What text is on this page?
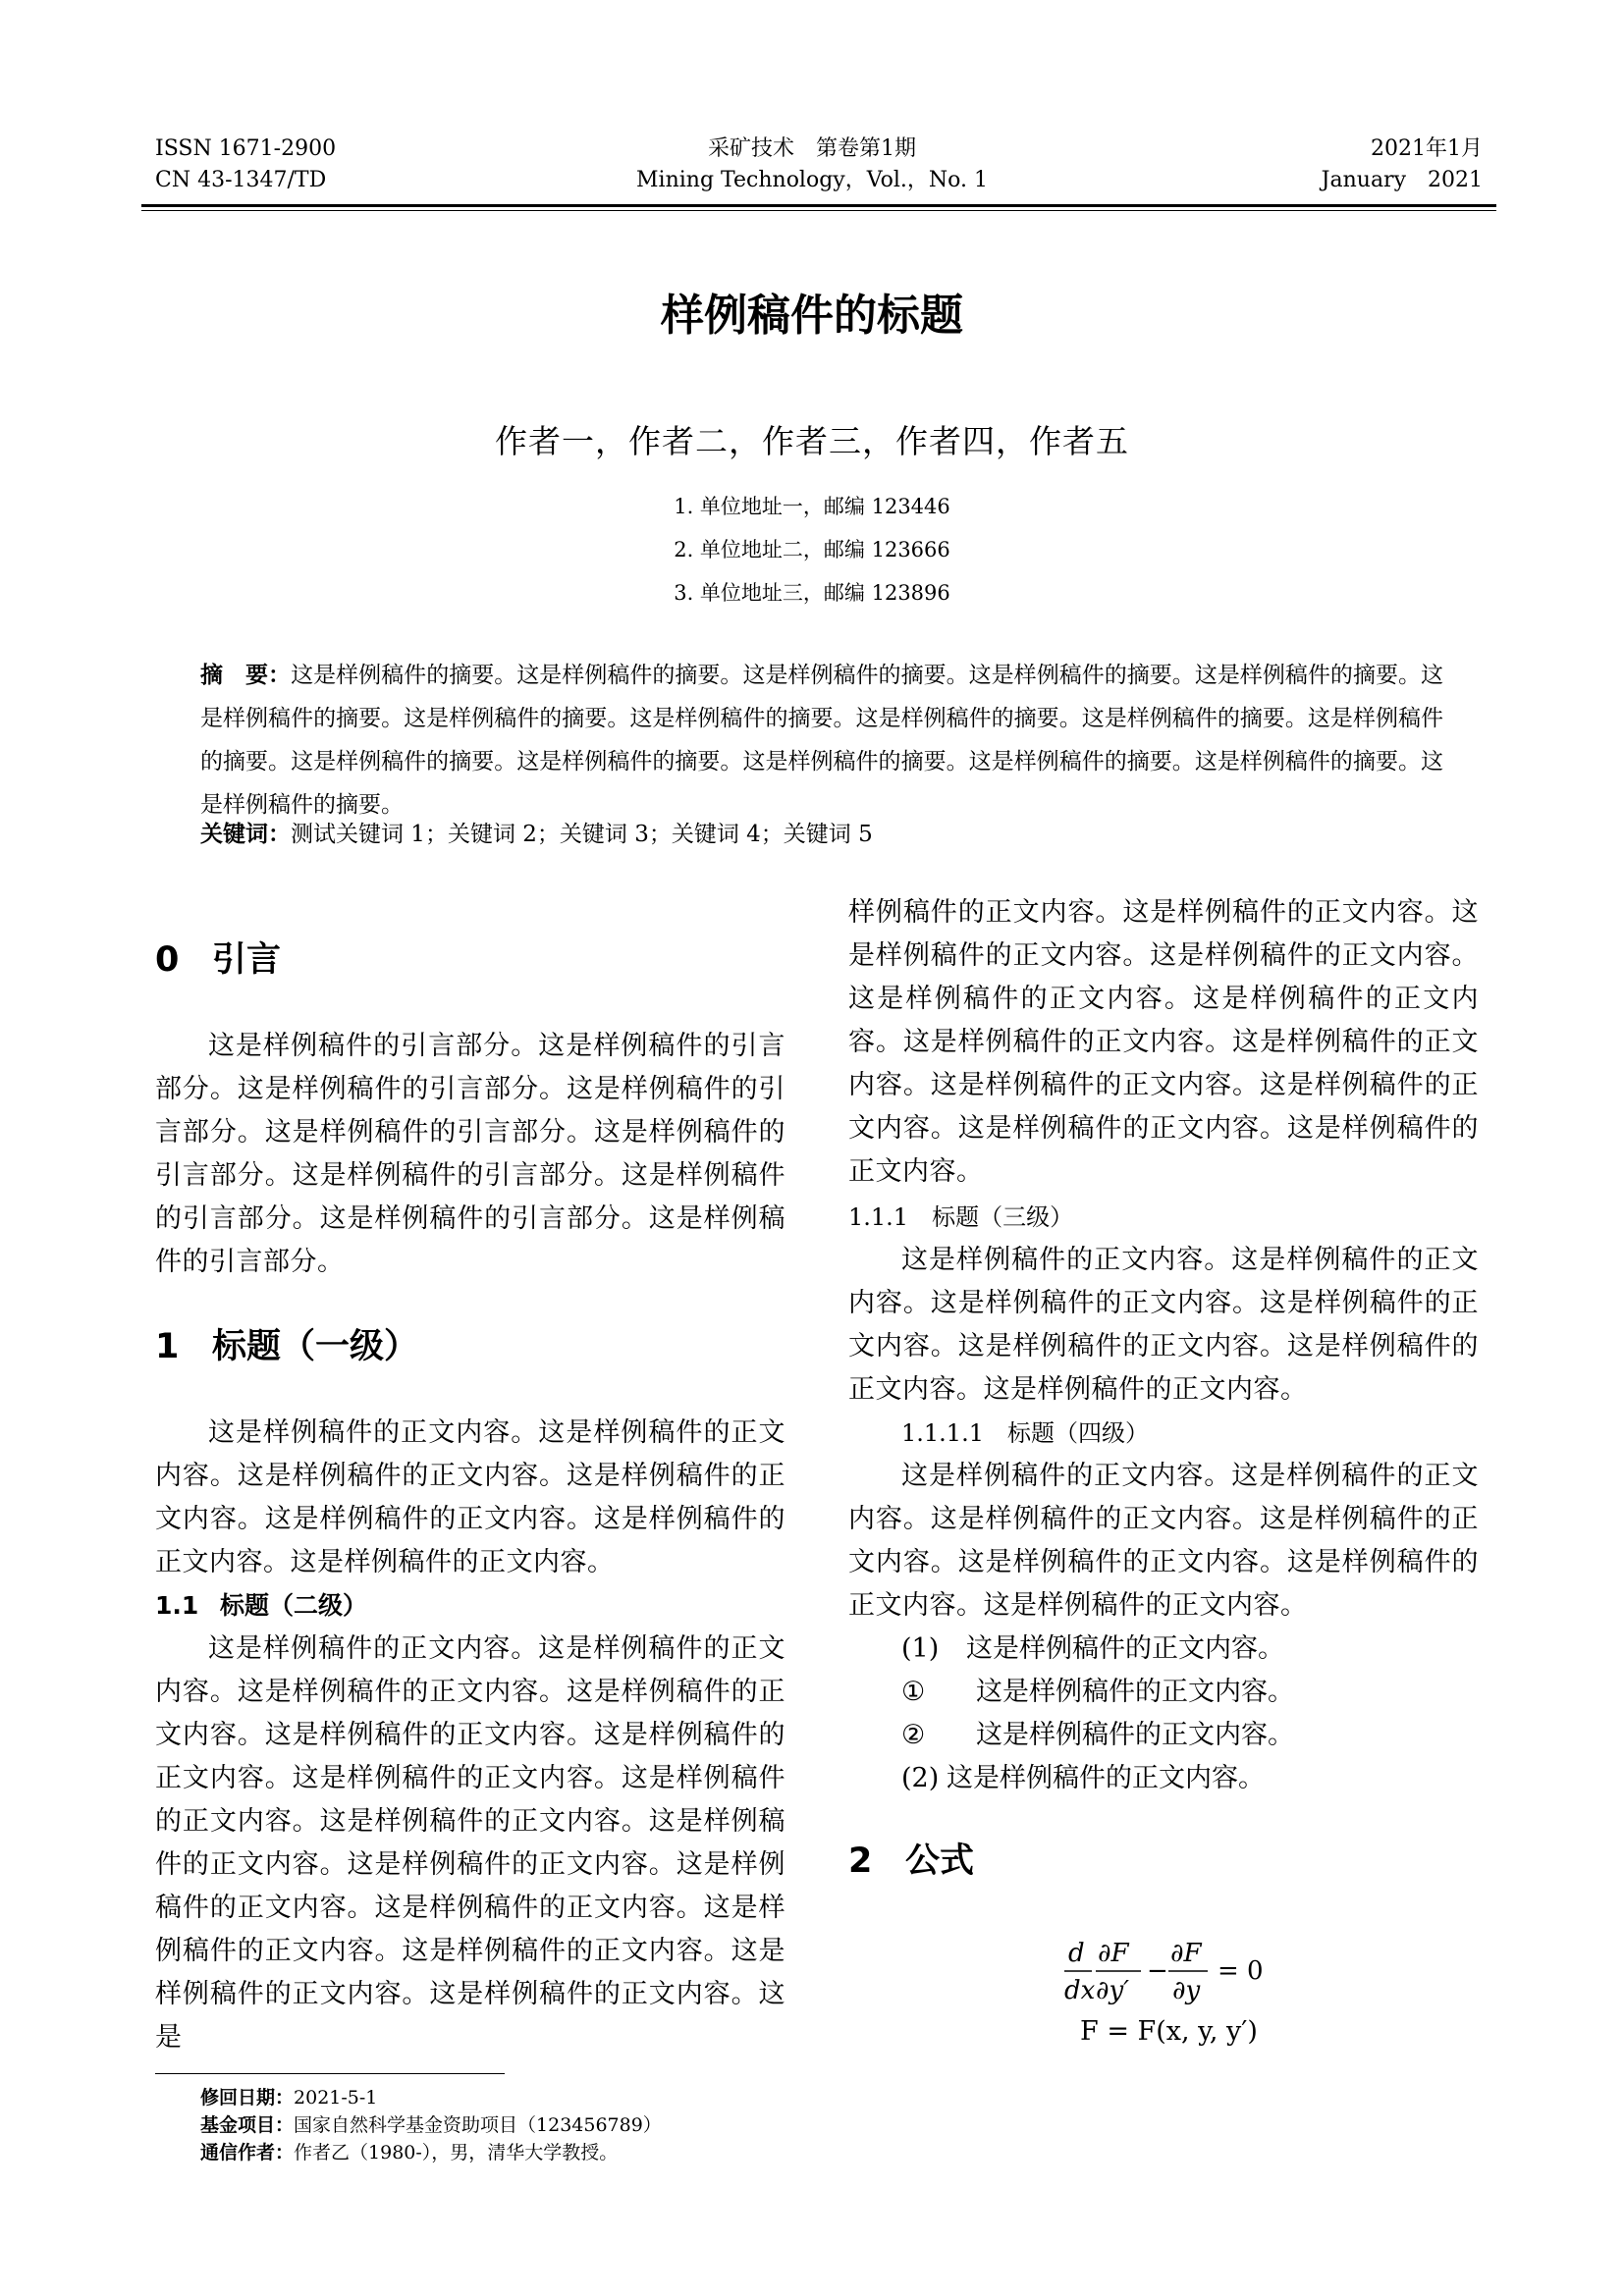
ISSN 1671-2900
CN 43-1347/TD
采矿技术　第卷第1期
Mining Technology，Vol.，No. 1
2021年1月
January　2021
样例稿件的标题
作者一，作者二，作者三，作者四，作者五
1. 单位地址一，邮编 123446
2. 单位地址二，邮编 123666
3. 单位地址三，邮编 123896
摘　要：这是样例稿件的摘要。这是样例稿件的摘要。这是样例稿件的摘要。这是样例稿件的摘要。这是样例稿件的摘要。这是样例稿件的摘要。这是样例稿件的摘要。这是样例稿件的摘要。这是样例稿件的摘要。这是样例稿件的摘要。这是样例稿件的摘要。这是样例稿件的摘要。这是样例稿件的摘要。这是样例稿件的摘要。这是样例稿件的摘要。这是样例稿件的摘要。这是样例稿件的摘要。
关键词：测试关键词 1；关键词 2；关键词 3；关键词 4；关键词 5
0 引言

这是样例稿件的引言部分。这是样例稿件的引言部分。这是样例稿件的引言部分。这是样例稿件的引言部分。这是样例稿件的引言部分。这是样例稿件的引言部分。这是样例稿件的引言部分。这是样例稿件的引言部分。这是样例稿件的引言部分。这是样例稿件的引言部分。

1 标题（一级）

这是样例稿件的正文内容。这是样例稿件的正文内容。这是样例稿件的正文内容。这是样例稿件的正文内容。这是样例稿件的正文内容。这是样例稿件的正文内容。这是样例稿件的正文内容。

1.1 标题（二级）

这是样例稿件的正文内容。这是样例稿件的正文内容。这是样例稿件的正文内容。这是样例稿件的正文内容。这是样例稿件的正文内容。这是样例稿件的正文内容。这是样例稿件的正文内容。这是样例稿件的正文内容。这是样例稿件的正文内容。这是样例稿件的正文内容。这是样例稿件的正文内容。这是样例稿件的正文内容。这是样例稿件的正文内容。这是样例稿件的正文内容。这是样例稿件的正文内容。这是样例稿件的正文内容。这是样例稿件的正文内容。这是

样例稿件的正文内容。这是样例稿件的正文内容。这是样例稿件的正文内容。这是样例稿件的正文内容。这是样例稿件的正文内容。这是样例稿件的正文内容。这是样例稿件的正文内容。这是样例稿件的正文内容。这是样例稿件的正文内容。这是样例稿件的正文内容。这是样例稿件的正文内容。这是样例稿件的正文内容。

1.1.1　标题（三级）

这是样例稿件的正文内容。这是样例稿件的正文内容。这是样例稿件的正文内容。这是样例稿件的正文内容。这是样例稿件的正文内容。这是样例稿件的正文内容。这是样例稿件的正文内容。

1.1.1.1　标题（四级）

这是样例稿件的正文内容。这是样例稿件的正文内容。这是样例稿件的正文内容。这是样例稿件的正文内容。这是样例稿件的正文内容。这是样例稿件的正文内容。这是样例稿件的正文内容。

(1) 这是样例稿件的正文内容。
① 这是样例稿件的正文内容。
② 这是样例稿件的正文内容。
(2) 这是样例稿件的正文内容。
2 公式
d
dx
∂F
∂y′
−
∂F
∂y
= 0
F = F(x, y, y′)
修回日期：2021-5-1
基金项目：国家自然科学基金资助项目（123456789）
通信作者：作者乙（1980-），男，清华大学教授。
